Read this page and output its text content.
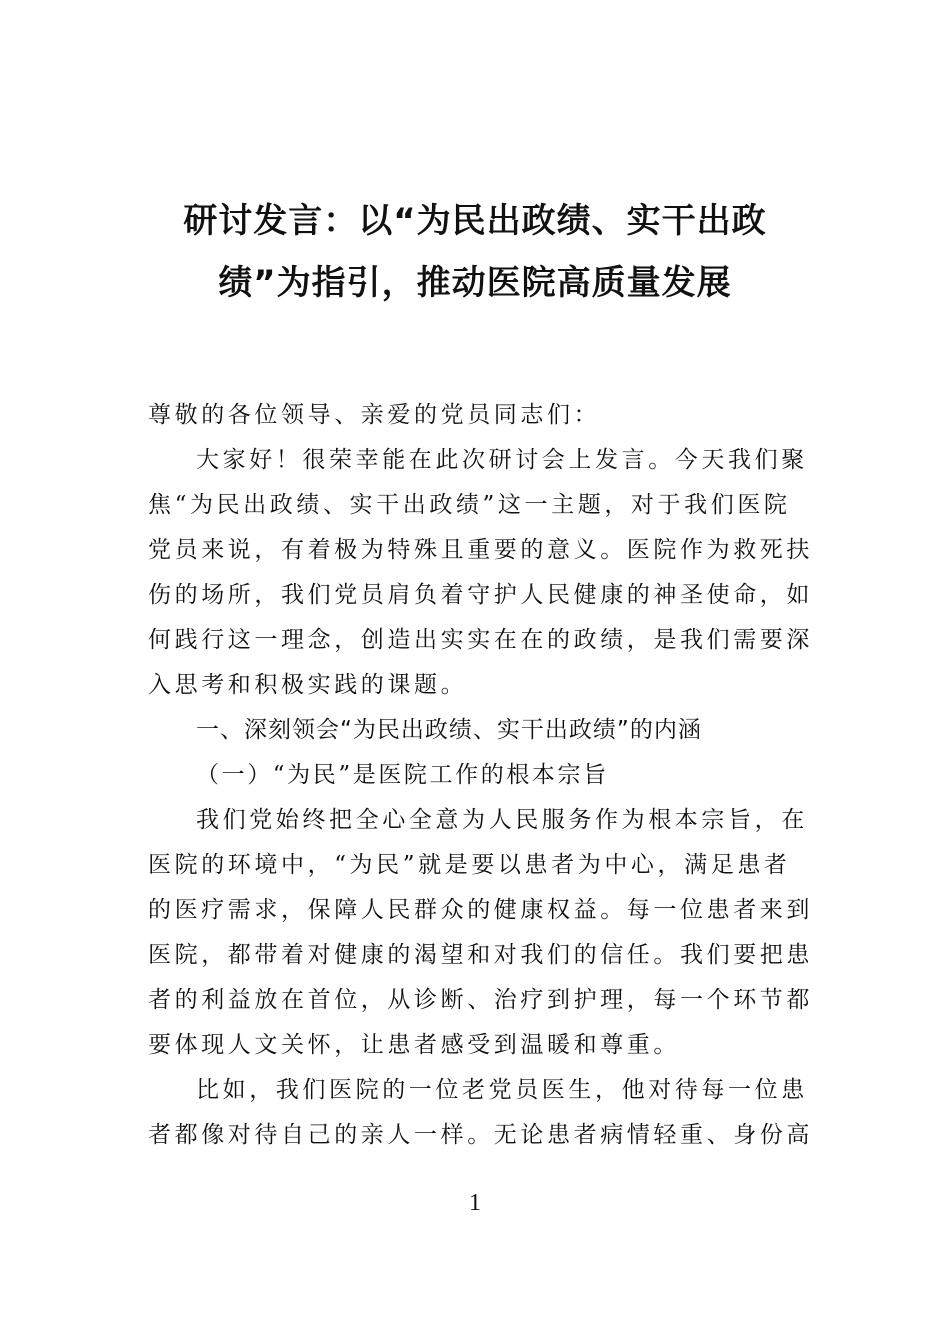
研讨发言：以“为民出政绩、实干出政
绩”为指引，推动医院高质量发展

尊敬的各位领导、亲爱的党员同志们：

大家好！很荣幸能在此次研讨会上发言。今天我们聚
焦“为民出政绩、实干出政绩”这一主题，对于我们医院
党员来说，有着极为特殊且重要的意义。医院作为救死扶
伤的场所，我们党员肩负着守护人民健康的神圣使命，如
何践行这一理念，创造出实实在在的政绩，是我们需要深
入思考和积极实践的课题。

一、深刻领会“为民出政绩、实干出政绩”的内涵

（一）“为民”是医院工作的根本宗旨

我们党始终把全心全意为人民服务作为根本宗旨，在
医院的环境中，“为民”就是要以患者为中心，满足患者
的医疗需求，保障人民群众的健康权益。每一位患者来到
医院，都带着对健康的渴望和对我们的信任。我们要把患
者的利益放在首位，从诊断、治疗到护理，每一个环节都
要体现人文关怀，让患者感受到温暖和尊重。

比如，我们医院的一位老党员医生，他对待每一位患
者都像对待自己的亲人一样。无论患者病情轻重、身份高

1
